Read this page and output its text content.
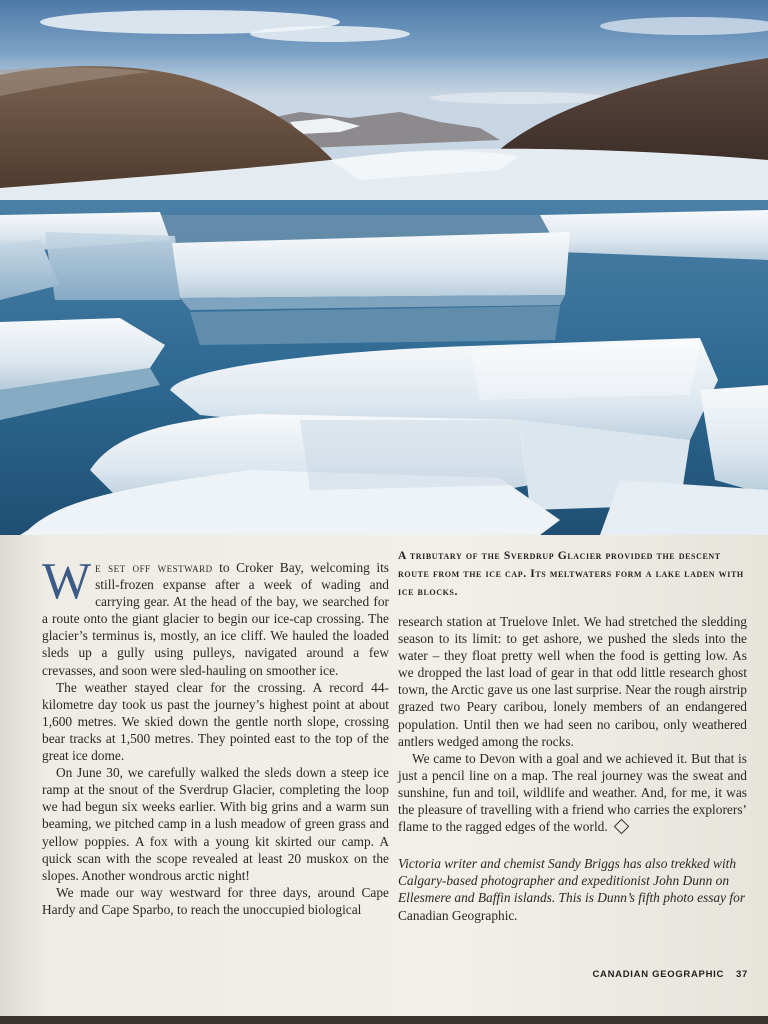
A tributary of the Sverdrup Glacier provided the descent route from the ice cap. Its meltwaters form a lake laden with ice blocks.

We set off westward to Croker Bay, welcoming its still-frozen expanse after a week of wading and carrying gear. At the head of the bay, we searched for a route onto the giant glacier to begin our ice-cap crossing. The glacier’s terminus is, mostly, an ice cliff. We hauled the loaded sleds up a gully using pulleys, navigated around a few crevasses, and soon were sled-hauling on smoother ice.

The weather stayed clear for the crossing. A record 44-kilometre day took us past the journey’s highest point at about 1,600 metres. We skied down the gentle north slope, crossing bear tracks at 1,500 metres. They pointed east to the top of the great ice dome.

On June 30, we carefully walked the sleds down a steep ice ramp at the snout of the Sverdrup Glacier, completing the loop we had begun six weeks earlier. With big grins and a warm sun beaming, we pitched camp in a lush meadow of green grass and yellow poppies. A fox with a young kit skirted our camp. A quick scan with the scope revealed at least 20 muskox on the slopes. Another wondrous arctic night!

We made our way westward for three days, around Cape Hardy and Cape Sparbo, to reach the unoccupied biological

research station at Truelove Inlet. We had stretched the sledding season to its limit: to get ashore, we pushed the sleds into the water – they float pretty well when the food is getting low. As we dropped the last load of gear in that odd little research ghost town, the Arctic gave us one last surprise. Near the rough airstrip grazed two Peary caribou, lonely members of an endangered population. Until then we had seen no caribou, only weathered antlers wedged among the rocks.

We came to Devon with a goal and we achieved it. But that is just a pencil line on a map. The real journey was the sweat and sunshine, fun and toil, wildlife and weather. And, for me, it was the pleasure of travelling with a friend who carries the explorers’ flame to the ragged edges of the world.

Victoria writer and chemist Sandy Briggs has also trekked with Calgary-based photographer and expeditionist John Dunn on Ellesmere and Baffin islands. This is Dunn’s fifth photo essay for Canadian Geographic.

CANADIAN GEOGRAPHIC 37
